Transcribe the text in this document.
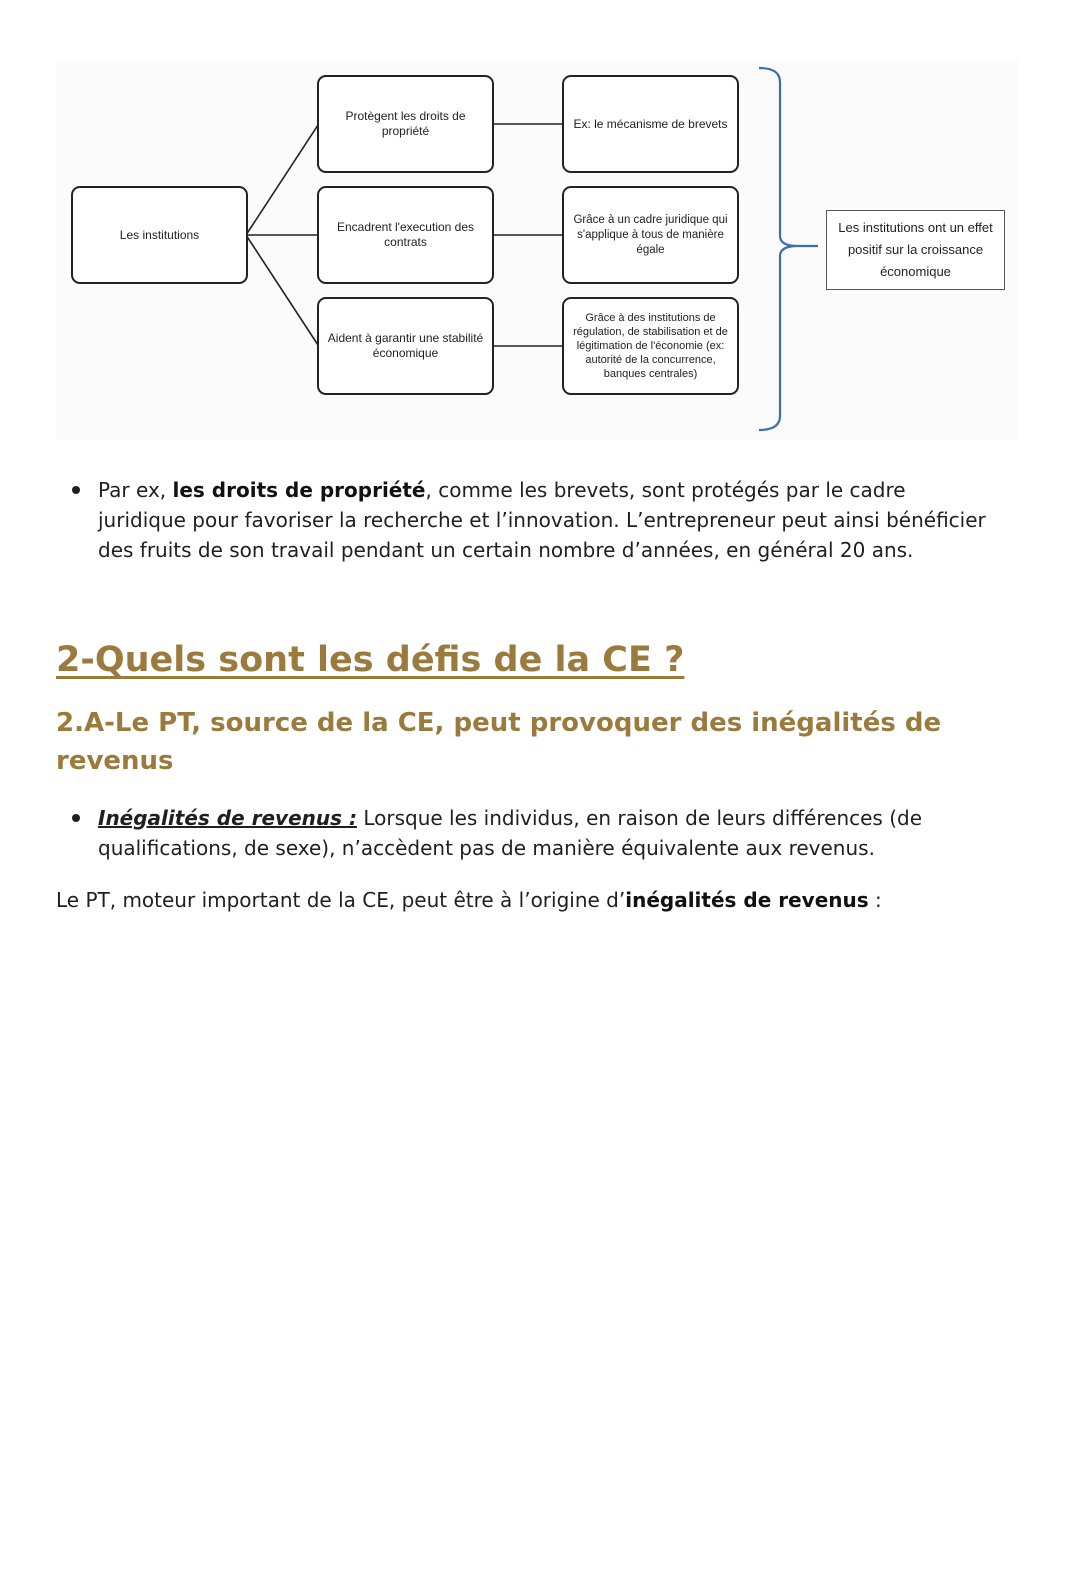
Les institutions
Protègent les droits de propriété
Encadrent l'execution des contrats
Aident à garantir une stabilité économique
Ex: le mécanisme de brevets
Grâce à un cadre juridique qui s'applique à tous de manière égale
Grâce à des institutions de régulation, de stabilisation et de légitimation de l'économie (ex: autorité de la concurrence, banques centrales)
Les institutions ont un effet positif sur la croissance économique
Par ex, les droits de propriété, comme les brevets, sont protégés par le cadre juridique pour favoriser la recherche et l’innovation. L’entrepreneur peut ainsi bénéficier des fruits de son travail pendant un certain nombre d’années, en général 20 ans.
2-Quels sont les défis de la CE ?
2.A-Le PT, source de la CE, peut provoquer des inégalités de revenus
Inégalités de revenus : Lorsque les individus, en raison de leurs différences (de qualifications, de sexe), n’accèdent pas de manière équivalente aux revenus.
Le PT, moteur important de la CE, peut être à l’origine d’inégalités de revenus :
